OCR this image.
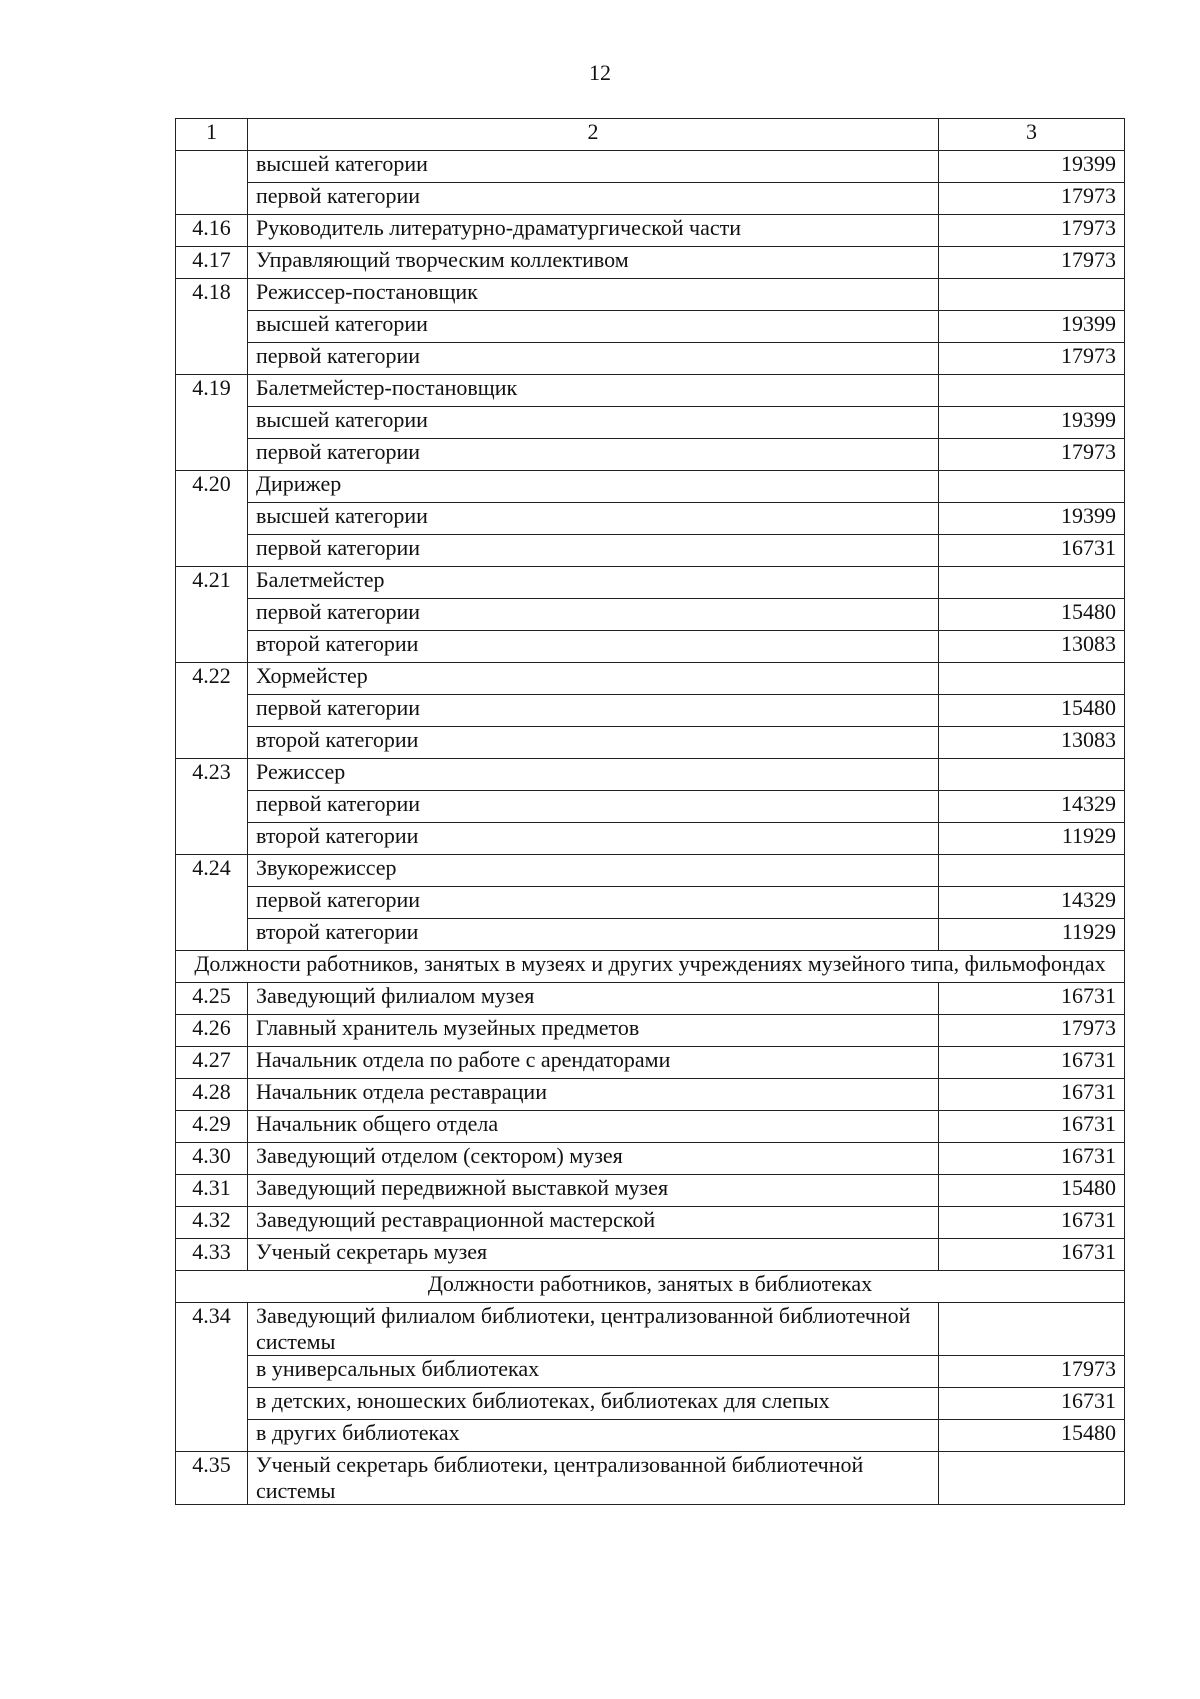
12
1	2	3
	высшей категории	19399
	первой категории	17973
4.16	Руководитель литературно-драматургической части	17973
4.17	Управляющий творческим коллективом	17973
4.18	Режиссер-постановщик	
	высшей категории	19399
	первой категории	17973
4.19	Балетмейстер-постановщик	
	высшей категории	19399
	первой категории	17973
4.20	Дирижер	
	высшей категории	19399
	первой категории	16731
4.21	Балетмейстер	
	первой категории	15480
	второй категории	13083
4.22	Хормейстер	
	первой категории	15480
	второй категории	13083
4.23	Режиссер	
	первой категории	14329
	второй категории	11929
4.24	Звукорежиссер	
	первой категории	14329
	второй категории	11929
Должности работников, занятых в музеях и других учреждениях музейного типа, фильмофондах		
4.25	Заведующий филиалом музея	16731
4.26	Главный хранитель музейных предметов	17973
4.27	Начальник отдела по работе с арендаторами	16731
4.28	Начальник отдела реставрации	16731
4.29	Начальник общего отдела	16731
4.30	Заведующий отделом (сектором) музея	16731
4.31	Заведующий передвижной выставкой музея	15480
4.32	Заведующий реставрационной мастерской	16731
4.33	Ученый секретарь музея	16731
Должности работников, занятых в библиотеках		
4.34	Заведующий филиалом библиотеки, централизованной библиотечной системы	
	в универсальных библиотеках	17973
	в детских, юношеских библиотеках, библиотеках для слепых	16731
	в других библиотеках	15480
4.35	Ученый секретарь библиотеки, централизованной библиотечной системы	
